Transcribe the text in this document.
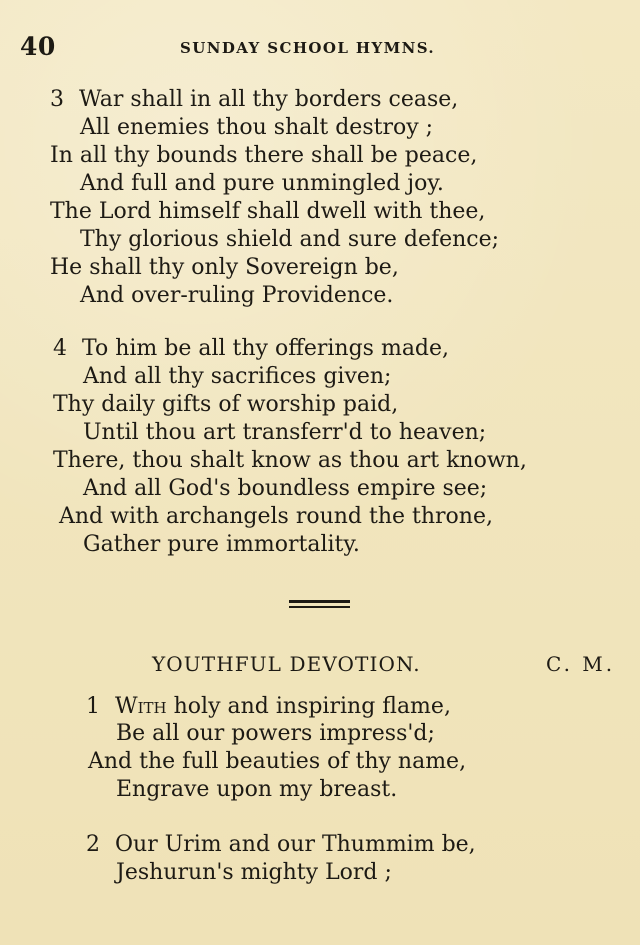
40	SUNDAY SCHOOL HYMNS.
3 War shall in all thy borders cease,
All enemies thou shalt destroy ;
In all thy bounds there shall be peace,
And full and pure unmingled joy.
The Lord himself shall dwell with thee,
Thy glorious shield and sure defence;
He shall thy only Sovereign be,
And over-ruling Providence.
4 To him be all thy offerings made,
And all thy sacrifices given;
Thy daily gifts of worship paid,
Until thou art transferr'd to heaven;
There, thou shalt know as thou art known,
And all God's boundless empire see;
And with archangels round the throne,
Gather pure immortality.
YOUTHFUL DEVOTION.	C. M.
1 With holy and inspiring flame,
Be all our powers impress'd;
And the full beauties of thy name,
Engrave upon my breast.
2 Our Urim and our Thummim be,
Jeshurun's mighty Lord ;
